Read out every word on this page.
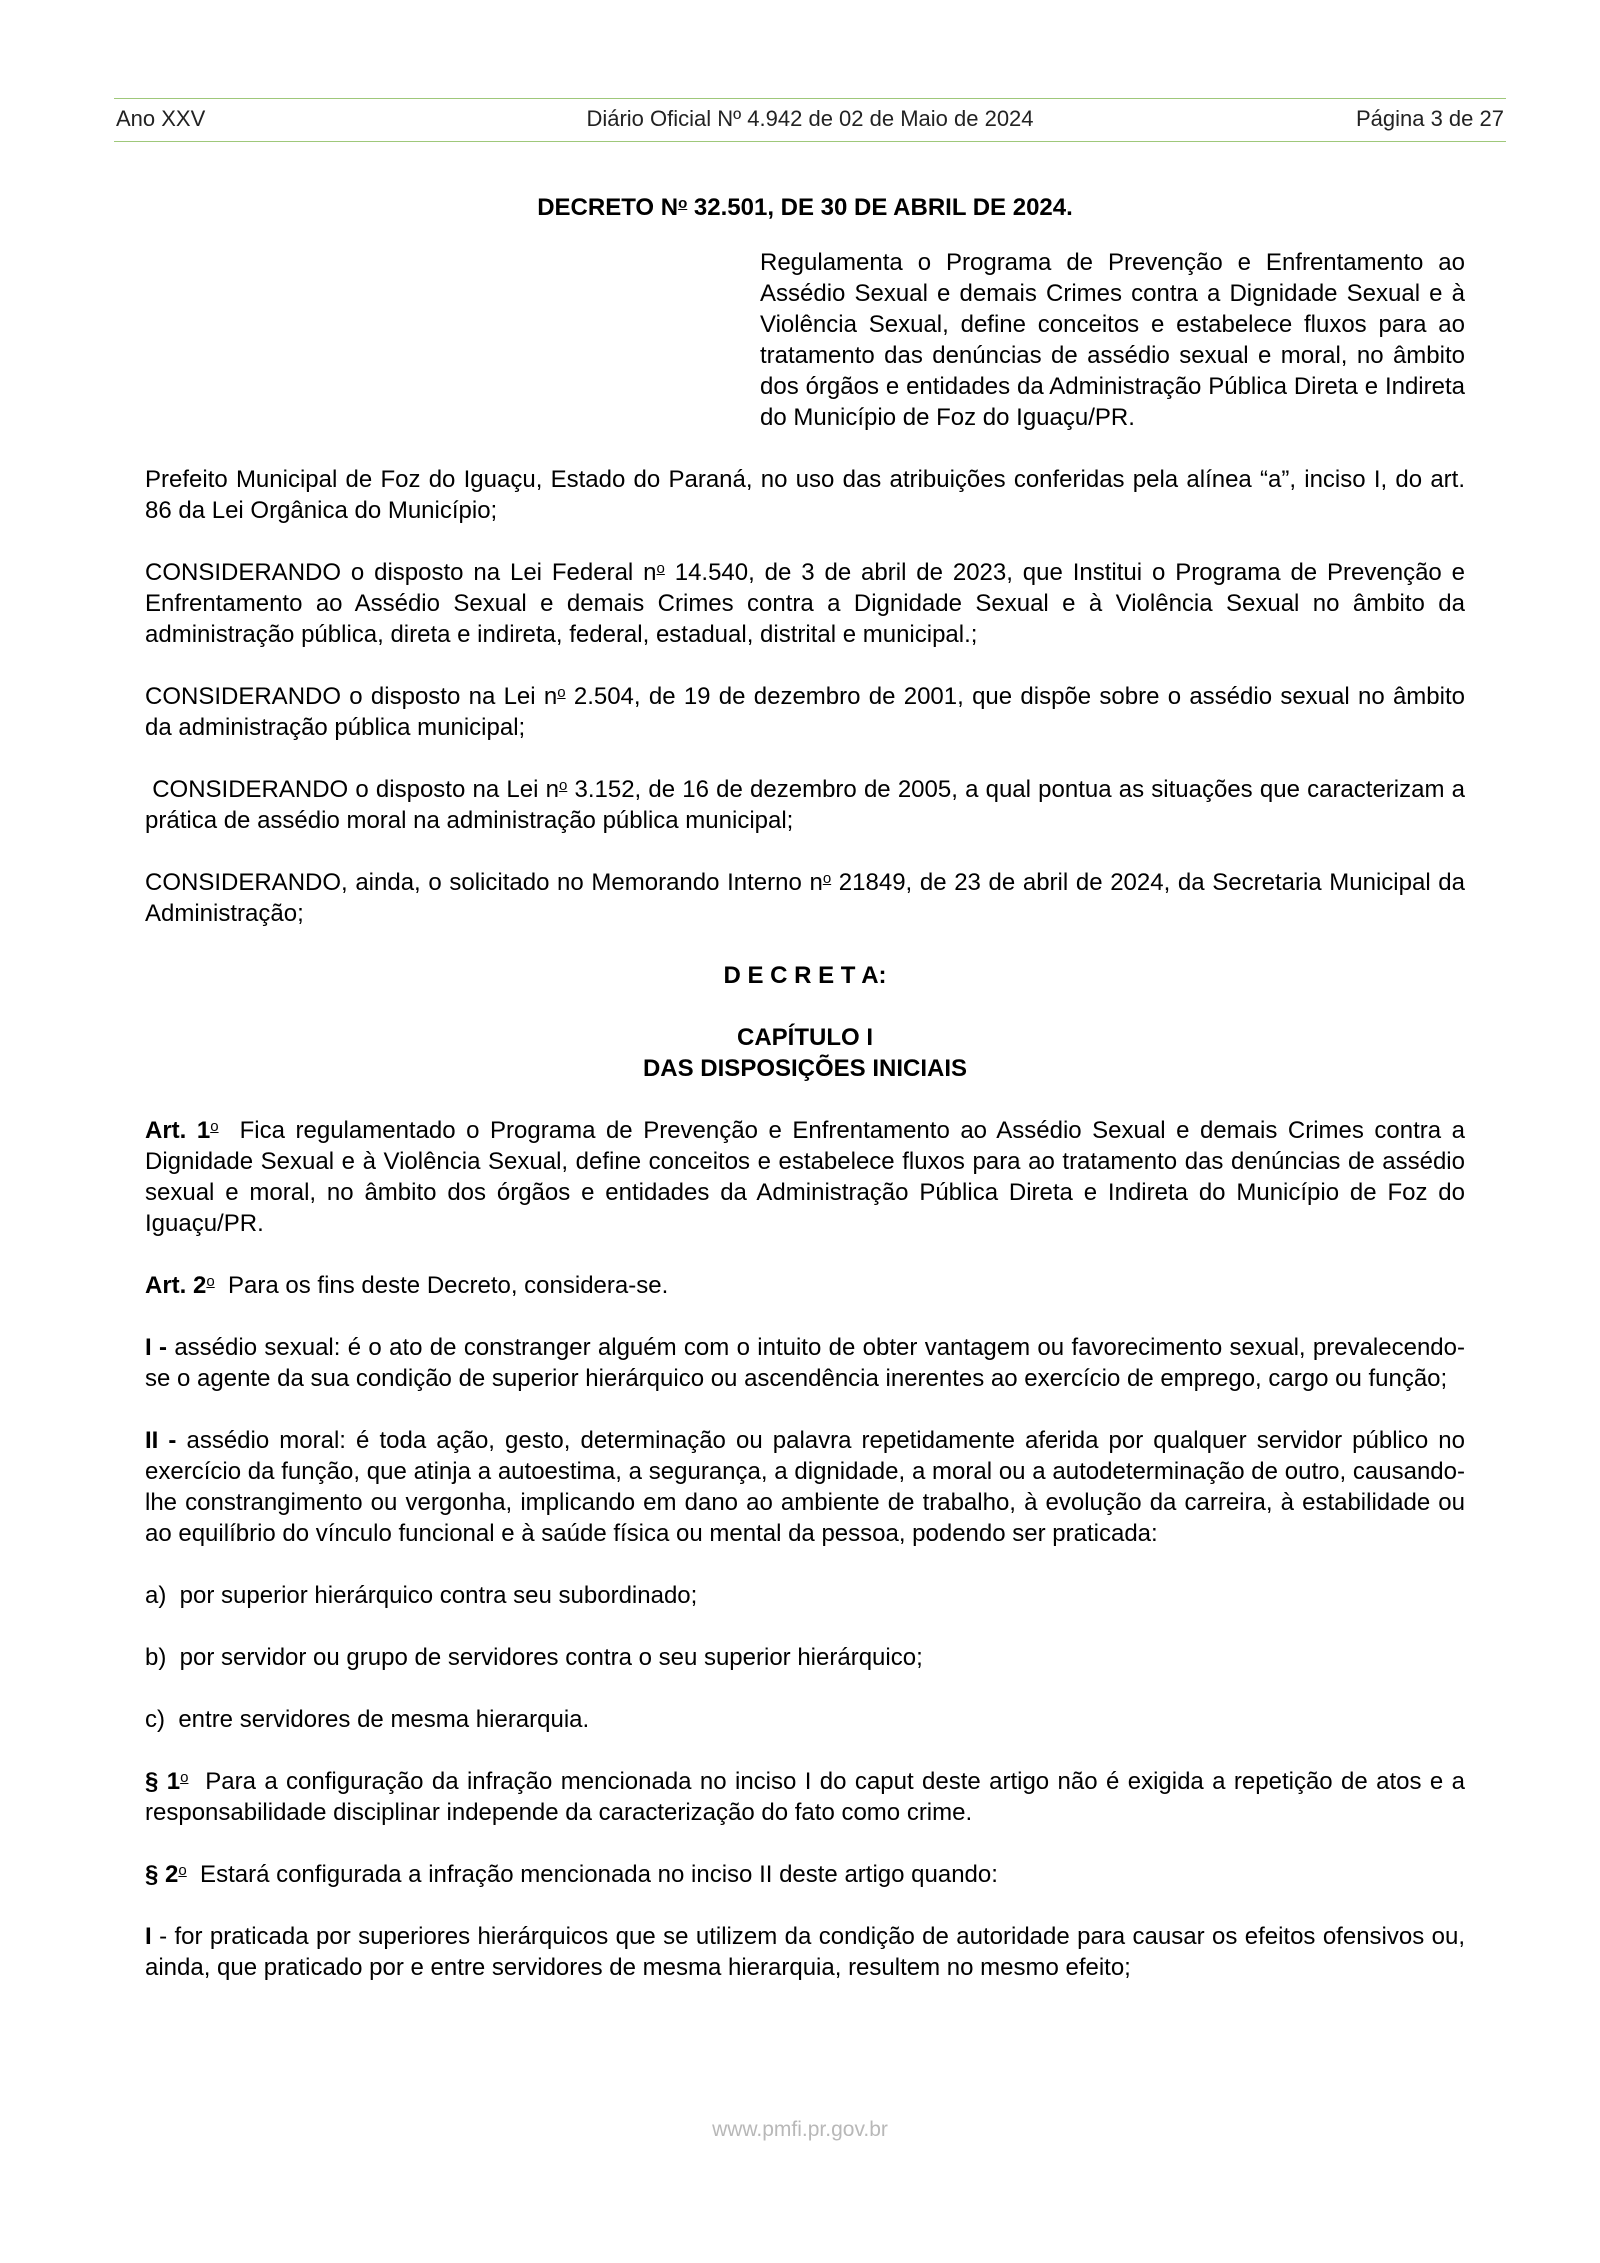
Ano XXV	Diário Oficial Nº 4.942 de 02 de Maio de 2024	Página 3 de 27
DECRETO $N^o$ 32.501, DE 30 DE ABRIL DE 2024.
Regulamenta o Programa de Prevenção e Enfrentamento ao Assédio Sexual e demais Crimes contra a Dignidade Sexual e à Violência Sexual, define conceitos e estabelece fluxos para ao tratamento das denúncias de assédio sexual e moral, no âmbito dos órgãos e entidades da Administração Pública Direta e Indireta do Município de Foz do Iguaçu/PR.

Prefeito Municipal de Foz do Iguaçu, Estado do Paraná, no uso das atribuições conferidas pela alínea “a”, inciso I, do art. 86 da Lei Orgânica do Município;

CONSIDERANDO o disposto na Lei Federal $n^o$ 14.540, de 3 de abril de 2023, que Institui o Programa de Prevenção e Enfrentamento ao Assédio Sexual e demais Crimes contra a Dignidade Sexual e à Violência Sexual no âmbito da administração pública, direta e indireta, federal, estadual, distrital e municipal.;

CONSIDERANDO o disposto na Lei $n^o$ 2.504, de 19 de dezembro de 2001, que dispõe sobre o assédio sexual no âmbito da administração pública municipal;

CONSIDERANDO o disposto na Lei $n^o$ 3.152, de 16 de dezembro de 2005, a qual pontua as situações que caracterizam a prática de assédio moral na administração pública municipal;

CONSIDERANDO, ainda, o solicitado no Memorando Interno $n^o$ 21849, de 23 de abril de 2024, da Secretaria Municipal da Administração;

D E C R E T A:
CAPÍTULO I
DAS DISPOSIÇÕES INICIAIS

Art. 1$^o$  Fica regulamentado o Programa de Prevenção e Enfrentamento ao Assédio Sexual e demais Crimes contra a Dignidade Sexual e à Violência Sexual, define conceitos e estabelece fluxos para ao tratamento das denúncias de assédio sexual e moral, no âmbito dos órgãos e entidades da Administração Pública Direta e Indireta do Município de Foz do Iguaçu/PR.

Art. 2$^o$  Para os fins deste Decreto, considera-se.

I - assédio sexual: é o ato de constranger alguém com o intuito de obter vantagem ou favorecimento sexual, prevalecendo-se o agente da sua condição de superior hierárquico ou ascendência inerentes ao exercício de emprego, cargo ou função;

II - assédio moral: é toda ação, gesto, determinação ou palavra repetidamente aferida por qualquer servidor público no exercício da função, que atinja a autoestima, a segurança, a dignidade, a moral ou a autodeterminação de outro, causando-lhe constrangimento ou vergonha, implicando em dano ao ambiente de trabalho, à evolução da carreira, à estabilidade ou ao equilíbrio do vínculo funcional e à saúde física ou mental da pessoa, podendo ser praticada:

a)  por superior hierárquico contra seu subordinado;

b)  por servidor ou grupo de servidores contra o seu superior hierárquico;

c)  entre servidores de mesma hierarquia.

§ 1$^o$  Para a configuração da infração mencionada no inciso I do caput deste artigo não é exigida a repetição de atos e a responsabilidade disciplinar independe da caracterização do fato como crime.

§ 2$^o$  Estará configurada a infração mencionada no inciso II deste artigo quando:

I - for praticada por superiores hierárquicos que se utilizem da condição de autoridade para causar os efeitos ofensivos ou, ainda, que praticado por e entre servidores de mesma hierarquia, resultem no mesmo efeito;

www.pmfi.pr.gov.br
